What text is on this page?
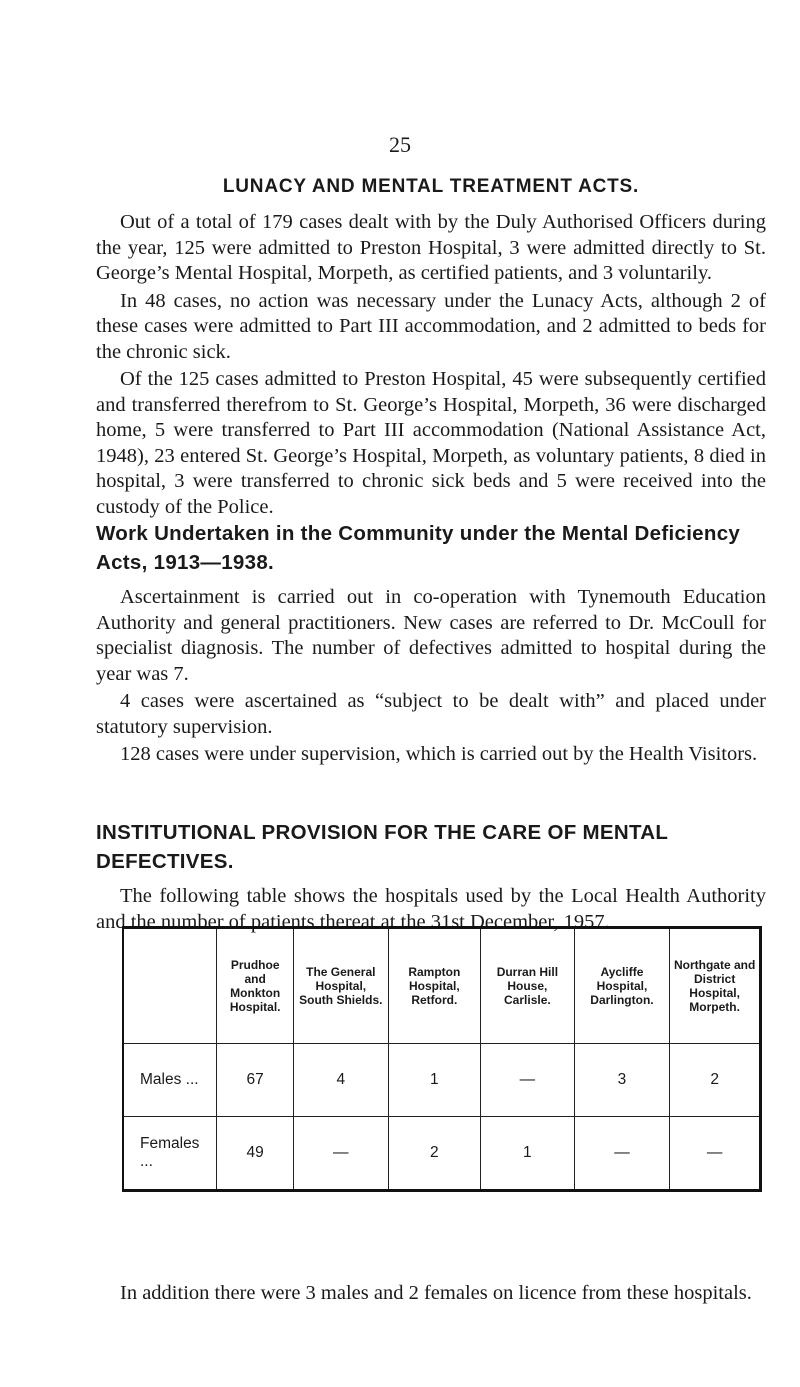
25
LUNACY AND MENTAL TREATMENT ACTS.

Out of a total of 179 cases dealt with by the Duly Authorised Officers during the year, 125 were admitted to Preston Hospital, 3 were admitted directly to St. George’s Mental Hospital, Morpeth, as certified patients, and 3 voluntarily.

In 48 cases, no action was necessary under the Lunacy Acts, although 2 of these cases were admitted to Part III accommodation, and 2 admitted to beds for the chronic sick.

Of the 125 cases admitted to Preston Hospital, 45 were subsequently certified and transferred therefrom to St. George’s Hospital, Morpeth, 36 were discharged home, 5 were transferred to Part III accommodation (National Assistance Act, 1948), 23 entered St. George’s Hospital, Morpeth, as voluntary patients, 8 died in hospital, 3 were transferred to chronic sick beds and 5 were received into the custody of the Police.

Work Undertaken in the Community under the Mental Deficiency Acts, 1913—1938.

Ascertainment is carried out in co-operation with Tynemouth Education Authority and general practitioners. New cases are referred to Dr. McCoull for specialist diagnosis. The number of defectives admitted to hospital during the year was 7.

4 cases were ascertained as “subject to be dealt with” and placed under statutory supervision.

128 cases were under supervision, which is carried out by the Health Visitors.

INSTITUTIONAL PROVISION FOR THE CARE OF MENTAL DEFECTIVES.

The following table shows the hospitals used by the Local Health Authority and the number of patients thereat at the 31st December, 1957.

	Prudhoe
and
Monkton
Hospital.	The General
Hospital,
South Shields.	Rampton
Hospital,
Retford.	Durran Hill
House,
Carlisle.	Aycliffe
Hospital,
Darlington.	Northgate and
District
Hospital,
Morpeth.

Males ...	67	4	1	—	3	2
Females ...	49	—	2	1	—	—

In addition there were 3 males and 2 females on licence from these hospitals.
